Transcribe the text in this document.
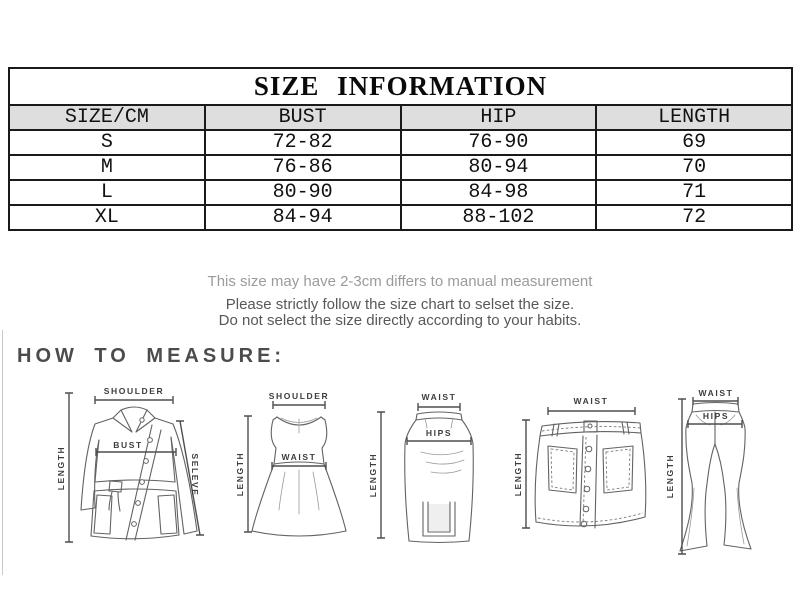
SIZE INFORMATION			
SIZE/CM	BUST	HIP	LENGTH
S	72-82	76-90	69
M	76-86	80-94	70
L	80-90	84-98	71
XL	84-94	88-102	72

This size may have 2-3cm differs to manual measurement

Please strictly follow the size chart to selset the size.

Do not select the size directly according to your habits.

HOW TO MEASURE:
SHOULDER
LENGTH
BUST
SELEVE
SHOULDER
LENGTH	WAIST
WAIST
HIPS
LENGTH
WAIST
LENGTH
WAIST
HIPS
LENGTH
